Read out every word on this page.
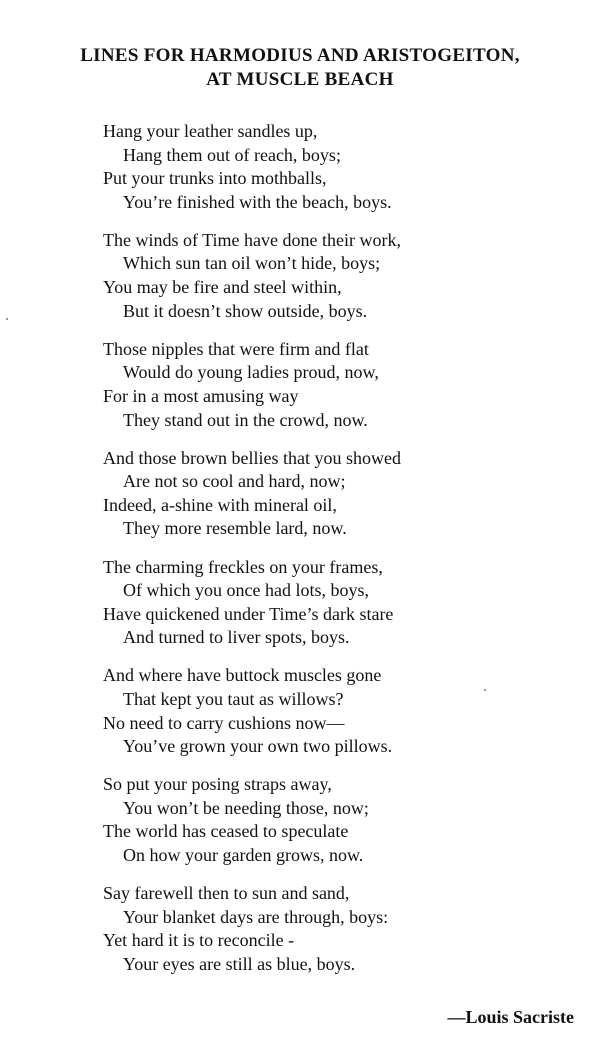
LINES FOR HARMODIUS AND ARISTOGEITON,
AT MUSCLE BEACH
Hang your leather sandles up,
Hang them out of reach, boys;
Put your trunks into mothballs,
You’re finished with the beach, boys.
The winds of Time have done their work,
Which sun tan oil won’t hide, boys;
You may be fire and steel within,
But it doesn’t show outside, boys.
Those nipples that were firm and flat
Would do young ladies proud, now,
For in a most amusing way
They stand out in the crowd, now.
And those brown bellies that you showed
Are not so cool and hard, now;
Indeed, a-shine with mineral oil,
They more resemble lard, now.
The charming freckles on your frames,
Of which you once had lots, boys,
Have quickened under Time’s dark stare
And turned to liver spots, boys.
And where have buttock muscles gone
That kept you taut as willows?
No need to carry cushions now—
You’ve grown your own two pillows.
So put your posing straps away,
You won’t be needing those, now;
The world has ceased to speculate
On how your garden grows, now.
Say farewell then to sun and sand,
Your blanket days are through, boys:
Yet hard it is to reconcile -
Your eyes are still as blue, boys.
—Louis Sacriste
